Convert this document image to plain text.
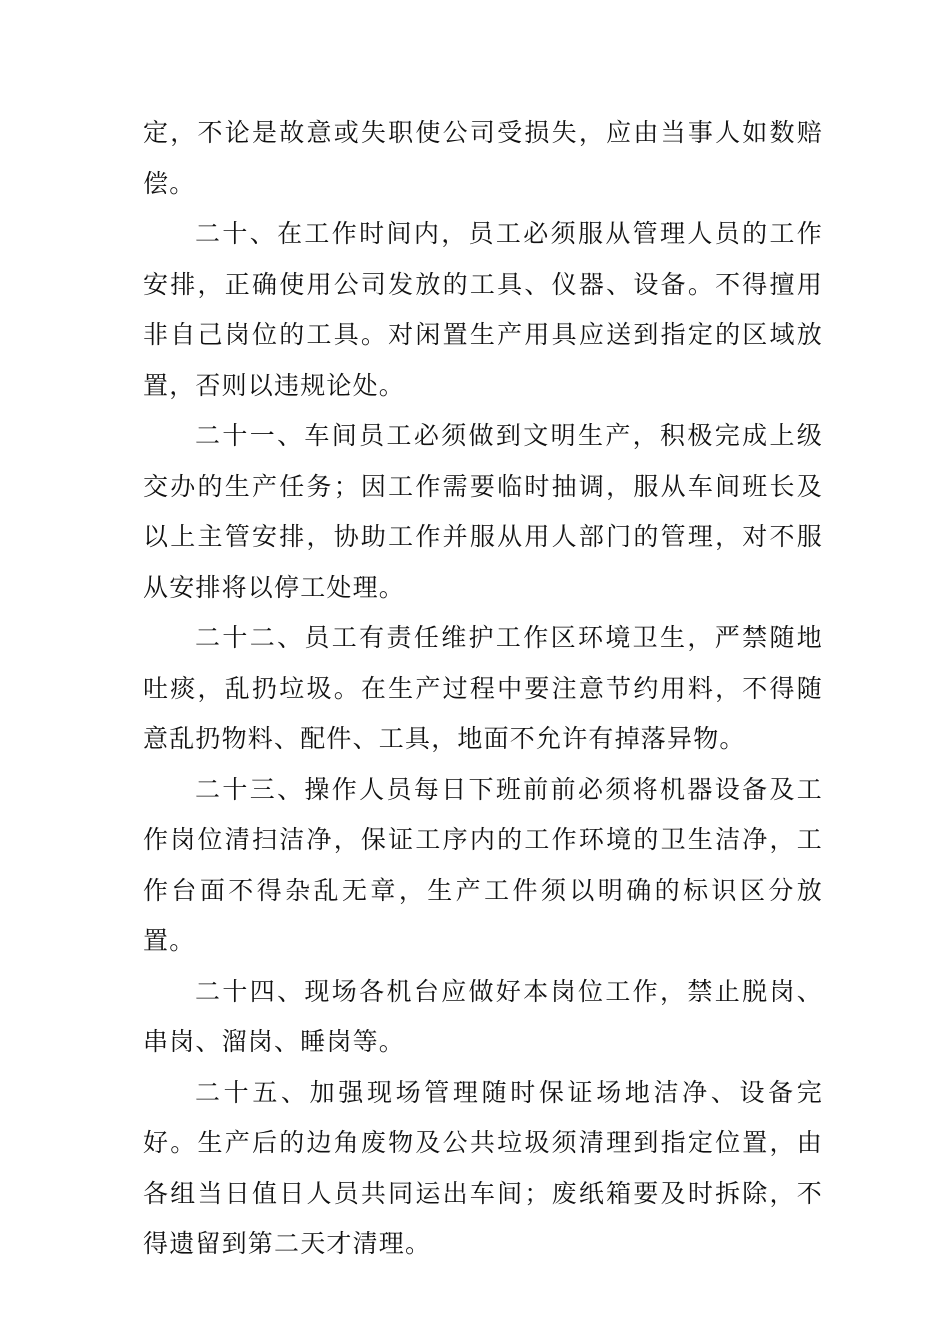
定，不论是故意或失职使公司受损失，应由当事人如数赔偿。

二十、在工作时间内，员工必须服从管理人员的工作安排，正确使用公司发放的工具、仪器、设备。不得擅用非自己岗位的工具。对闲置生产用具应送到指定的区域放置，否则以违规论处。

二十一、车间员工必须做到文明生产，积极完成上级交办的生产任务；因工作需要临时抽调，服从车间班长及以上主管安排，协助工作并服从用人部门的管理，对不服从安排将以停工处理。

二十二、员工有责任维护工作区环境卫生，严禁随地吐痰，乱扔垃圾。在生产过程中要注意节约用料，不得随意乱扔物料、配件、工具，地面不允许有掉落异物。

二十三、操作人员每日下班前前必须将机器设备及工作岗位清扫洁净，保证工序内的工作环境的卫生洁净，工作台面不得杂乱无章，生产工件须以明确的标识区分放置。

二十四、现场各机台应做好本岗位工作，禁止脱岗、串岗、溜岗、睡岗等。

二十五、加强现场管理随时保证场地洁净、设备完好。生产后的边角废物及公共垃圾须清理到指定位置，由各组当日值日人员共同运出车间；废纸箱要及时拆除，不得遗留到第二天才清理。
